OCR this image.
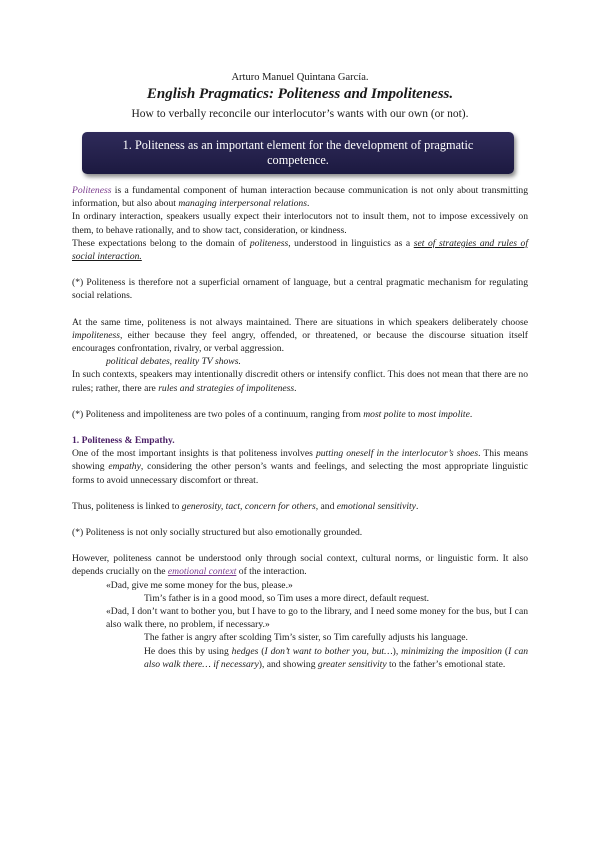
Arturo Manuel Quintana García.
English Pragmatics: Politeness and Impoliteness.
How to verbally reconcile our interlocutor’s wants with our own (or not).
1. Politeness as an important element for the development of pragmatic
competence.

Politeness is a fundamental component of human interaction because communication is not only about transmitting information, but also about managing interpersonal relations.

In ordinary interaction, speakers usually expect their interlocutors not to insult them, not to impose excessively on them, to behave rationally, and to show tact, consideration, or kindness.

These expectations belong to the domain of politeness, understood in linguistics as a set of strategies and rules of social interaction.

(*) Politeness is therefore not a superficial ornament of language, but a central pragmatic mechanism for regulating social relations.

At the same time, politeness is not always maintained. There are situations in which speakers deliberately choose impoliteness, either because they feel angry, offended, or threatened, or because the discourse situation itself encourages confrontation, rivalry, or verbal aggression.

political debates, reality TV shows.

In such contexts, speakers may intentionally discredit others or intensify conflict. This does not mean that there are no rules; rather, there are rules and strategies of impoliteness.

(*) Politeness and impoliteness are two poles of a continuum, ranging from most polite to most impolite.

1. Politeness & Empathy.

One of the most important insights is that politeness involves putting oneself in the interlocutor’s shoes. This means showing empathy, considering the other person’s wants and feelings, and selecting the most appropriate linguistic forms to avoid unnecessary discomfort or threat.

Thus, politeness is linked to generosity, tact, concern for others, and emotional sensitivity.

(*) Politeness is not only socially structured but also emotionally grounded.

However, politeness cannot be understood only through social context, cultural norms, or linguistic form. It also depends crucially on the emotional context of the interaction.

«Dad, give me some money for the bus, please.»

Tim’s father is in a good mood, so Tim uses a more direct, default request.

«Dad, I don’t want to bother you, but I have to go to the library, and I need some money for the bus, but I can also walk there, no problem, if necessary.»

The father is angry after scolding Tim’s sister, so Tim carefully adjusts his language.

He does this by using hedges (I don’t want to bother you, but…), minimizing the imposition (I can also walk there… if necessary), and showing greater sensitivity to the father’s emotional state.
